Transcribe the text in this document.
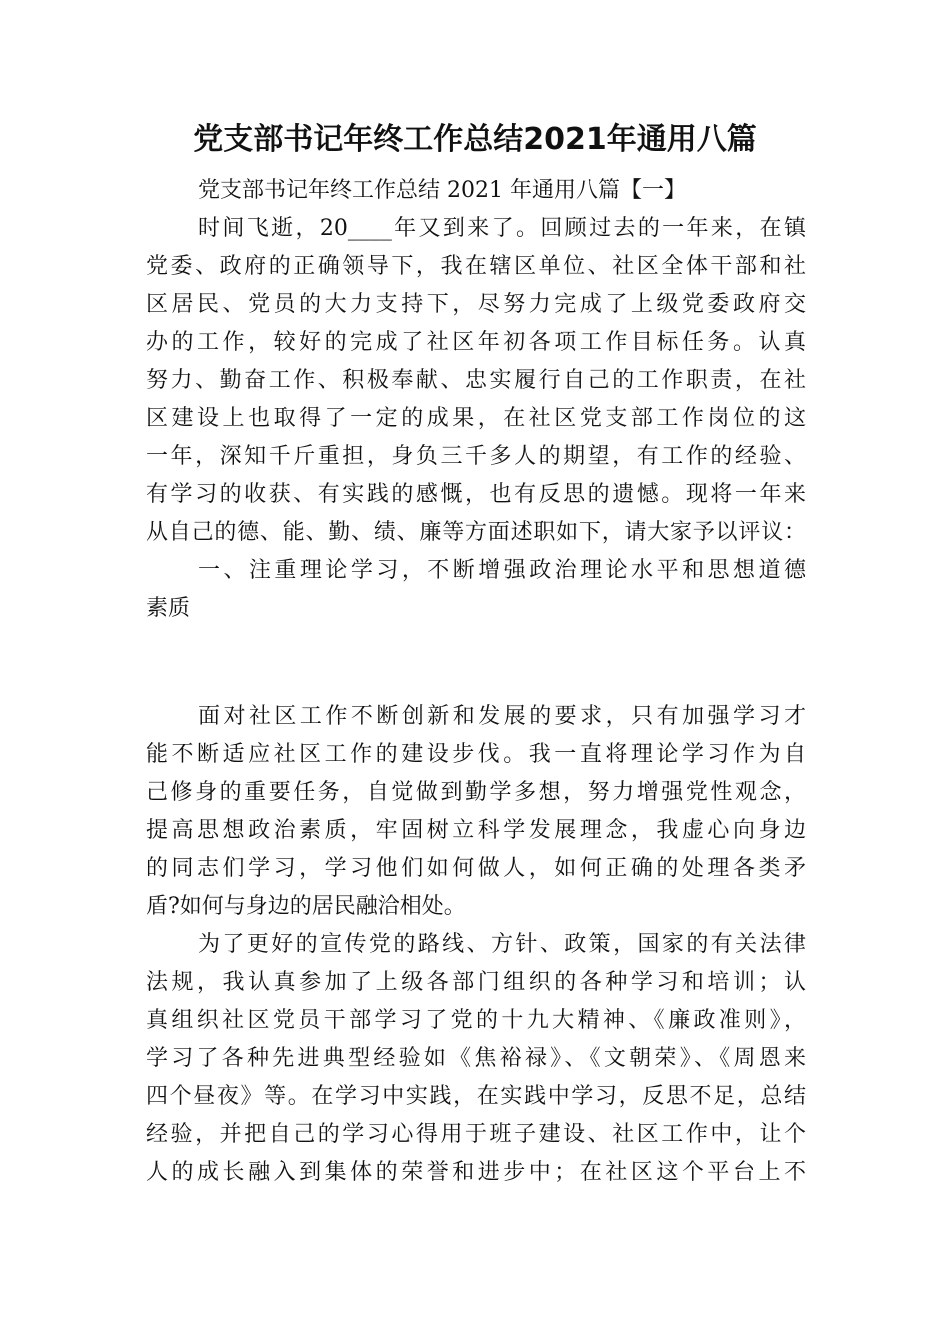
党支部书记年终工作总结2021年通用八篇
党支部书记年终工作总结 2021 年通用八篇【一】
时间飞逝，20____年又到来了。回顾过去的一年来，在镇
党委、政府的正确领导下，我在辖区单位、社区全体干部和社
区居民、党员的大力支持下，尽努力完成了上级党委政府交
办的工作，较好的完成了社区年初各项工作目标任务。认真
努力、勤奋工作、积极奉献、忠实履行自己的工作职责，在社
区建设上也取得了一定的成果，在社区党支部工作岗位的这
一年，深知千斤重担，身负三千多人的期望，有工作的经验、
有学习的收获、有实践的感慨，也有反思的遗憾。现将一年来
从自己的德、能、勤、绩、廉等方面述职如下，请大家予以评议：
一、注重理论学习，不断增强政治理论水平和思想道德
素质
面对社区工作不断创新和发展的要求，只有加强学习才
能不断适应社区工作的建设步伐。我一直将理论学习作为自
己修身的重要任务，自觉做到勤学多想，努力增强党性观念，
提高思想政治素质，牢固树立科学发展理念，我虚心向身边
的同志们学习，学习他们如何做人，如何正确的处理各类矛
盾?如何与身边的居民融洽相处。
为了更好的宣传党的路线、方针、政策，国家的有关法律
法规，我认真参加了上级各部门组织的各种学习和培训；认
真组织社区党员干部学习了党的十九大精神、《廉政准则》，
学习了各种先进典型经验如《焦裕禄》、《文朝荣》、《周恩来
四个昼夜》等。在学习中实践，在实践中学习，反思不足，总结
经验，并把自己的学习心得用于班子建设、社区工作中，让个
人的成长融入到集体的荣誉和进步中；在社区这个平台上不
